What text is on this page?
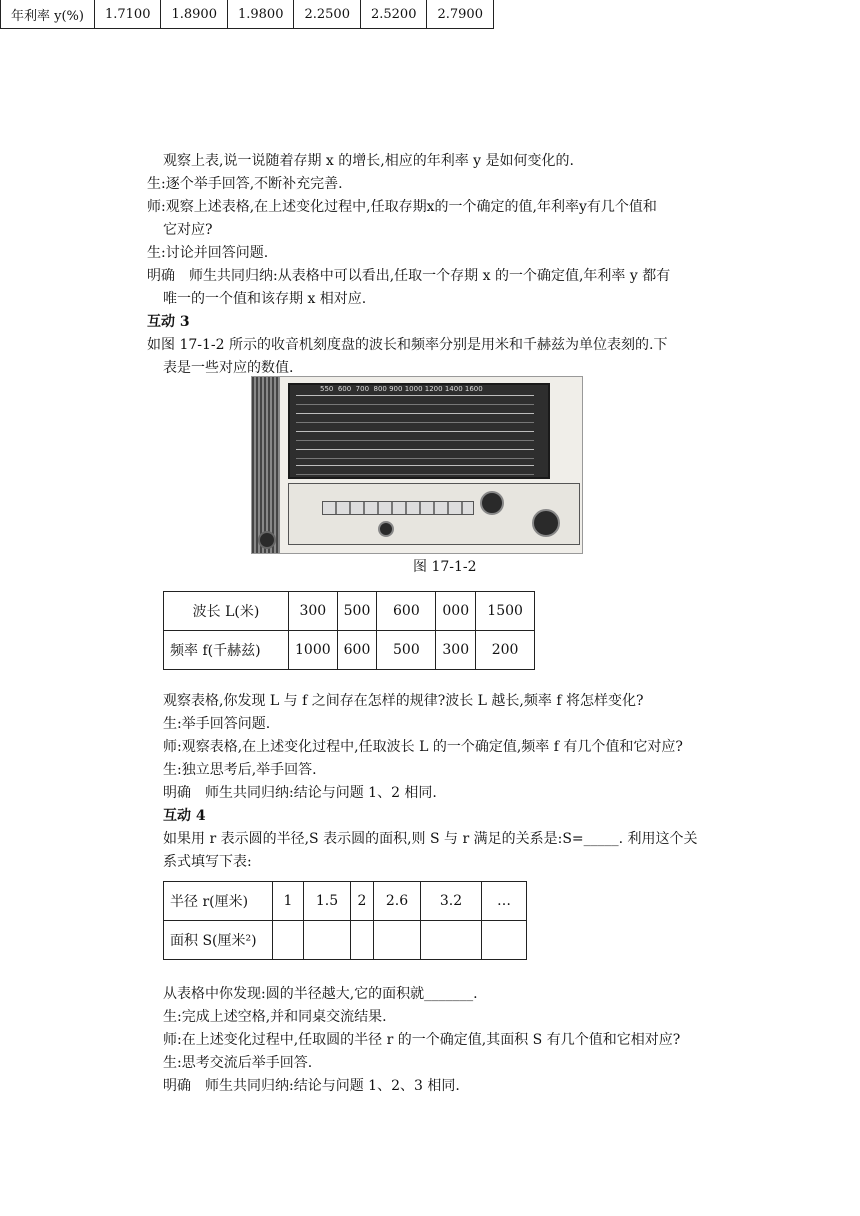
年利率 y(%)	1.7100	1.8900	1.9800	2.2500	2.5200	2.7900
观察上表,说一说随着存期 x 的增长,相应的年利率 y 是如何变化的.
生:逐个举手回答,不断补充完善.
师:观察上述表格,在上述变化过程中,任取存期x的一个确定的值,年利率y有几个值和
它对应?
生:讨论并回答问题.
明确　师生共同归纳:从表格中可以看出,任取一个存期 x 的一个确定值,年利率 y 都有
唯一的一个值和该存期 x 相对应.
互动 3
如图 17-1-2 所示的收音机刻度盘的波长和频率分别是用米和千赫兹为单位表刻的.下
表是一些对应的数值.
550 600 700 800 900 1000 1200 1400 1600
图 17-1-2
波长 L(米)	300	500	600	000	1500
频率 f(千赫兹)	1000	600	500	300	200
观察表格,你发现 L 与 f 之间存在怎样的规律?波长 L 越长,频率 f 将怎样变化?
生:举手回答问题.
师:观察表格,在上述变化过程中,任取波长 L 的一个确定值,频率 f 有几个值和它对应?
生:独立思考后,举手回答.
明确　师生共同归纳:结论与问题 1、2 相同.
互动 4
如果用 r 表示圆的半径,S 表示圆的面积,则 S 与 r 满足的关系是:S=_____. 利用这个关
系式填写下表:
半径 r(厘米)	1	1.5	2	2.6	3.2	…
面积 S(厘米²)						
从表格中你发现:圆的半径越大,它的面积就_______.
生:完成上述空格,并和同桌交流结果.
师:在上述变化过程中,任取圆的半径 r 的一个确定值,其面积 S 有几个值和它相对应?
生:思考交流后举手回答.
明确　师生共同归纳:结论与问题 1、2、3 相同.
